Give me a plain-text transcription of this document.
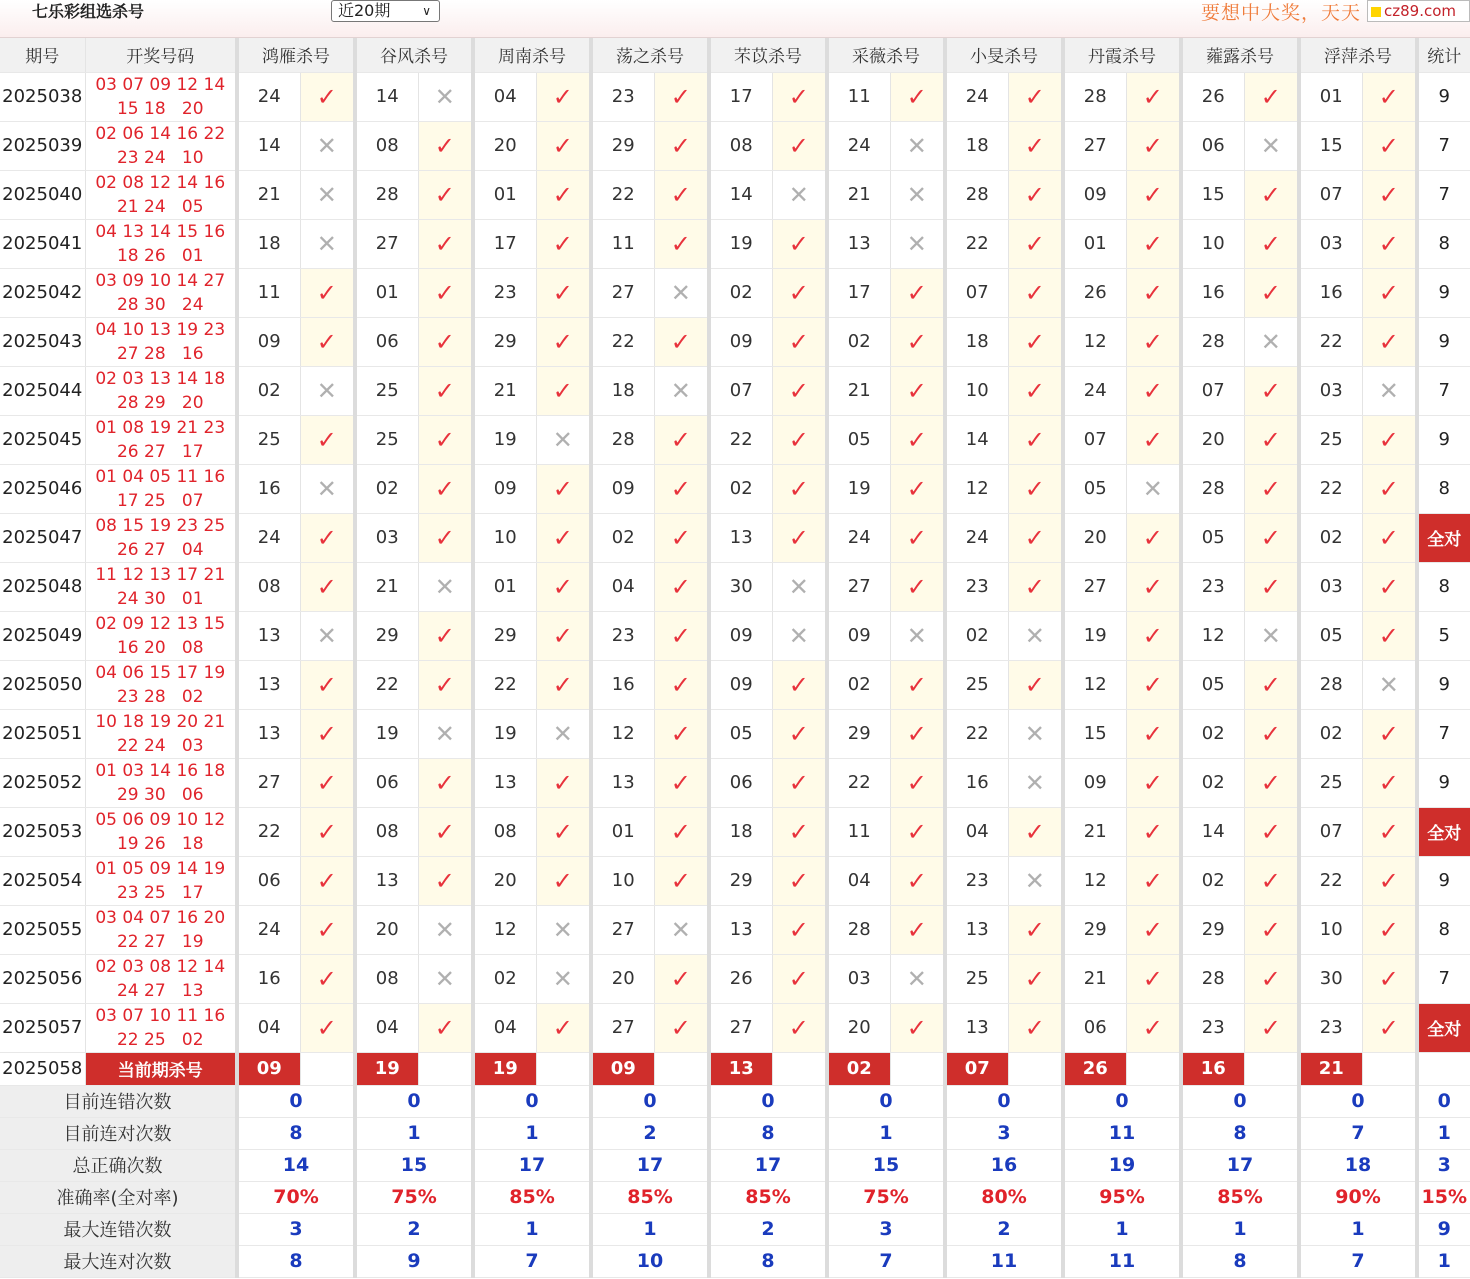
七乐彩组选杀号	近20期	∨	要想中大奖，天天	cz89.com
期号	开奖号码	鸿雁杀号		谷风杀号		周南杀号		荡之杀号		芣苡杀号		采薇杀号		小旻杀号		丹霞杀号		蕹露杀号		浮萍杀号		统计
2025038	03 07 09 12 14
15 18 20	24	✓	14	✕	04	✓	23	✓	17	✓	11	✓	24	✓	28	✓	26	✓	01	✓	9
2025039	02 06 14 16 22
23 24 10	14	✕	08	✓	20	✓	29	✓	08	✓	24	✕	18	✓	27	✓	06	✕	15	✓	7
2025040	02 08 12 14 16
21 24 05	21	✕	28	✓	01	✓	22	✓	14	✕	21	✕	28	✓	09	✓	15	✓	07	✓	7
2025041	04 13 14 15 16
18 26 01	18	✕	27	✓	17	✓	11	✓	19	✓	13	✕	22	✓	01	✓	10	✓	03	✓	8
2025042	03 09 10 14 27
28 30 24	11	✓	01	✓	23	✓	27	✕	02	✓	17	✓	07	✓	26	✓	16	✓	16	✓	9
2025043	04 10 13 19 23
27 28 16	09	✓	06	✓	29	✓	22	✓	09	✓	02	✓	18	✓	12	✓	28	✕	22	✓	9
2025044	02 03 13 14 18
28 29 20	02	✕	25	✓	21	✓	18	✕	07	✓	21	✓	10	✓	24	✓	07	✓	03	✕	7
2025045	01 08 19 21 23
26 27 17	25	✓	25	✓	19	✕	28	✓	22	✓	05	✓	14	✓	07	✓	20	✓	25	✓	9
2025046	01 04 05 11 16
17 25 07	16	✕	02	✓	09	✓	09	✓	02	✓	19	✓	12	✓	05	✕	28	✓	22	✓	8
2025047	08 15 19 23 25
26 27 04	24	✓	03	✓	10	✓	02	✓	13	✓	24	✓	24	✓	20	✓	05	✓	02	✓	全对
2025048	11 12 13 17 21
24 30 01	08	✓	21	✕	01	✓	04	✓	30	✕	27	✓	23	✓	27	✓	23	✓	03	✓	8
2025049	02 09 12 13 15
16 20 08	13	✕	29	✓	29	✓	23	✓	09	✕	09	✕	02	✕	19	✓	12	✕	05	✓	5
2025050	04 06 15 17 19
23 28 02	13	✓	22	✓	22	✓	16	✓	09	✓	02	✓	25	✓	12	✓	05	✓	28	✕	9
2025051	10 18 19 20 21
22 24 03	13	✓	19	✕	19	✕	12	✓	05	✓	29	✓	22	✕	15	✓	02	✓	02	✓	7
2025052	01 03 14 16 18
29 30 06	27	✓	06	✓	13	✓	13	✓	06	✓	22	✓	16	✕	09	✓	02	✓	25	✓	9
2025053	05 06 09 10 12
19 26 18	22	✓	08	✓	08	✓	01	✓	18	✓	11	✓	04	✓	21	✓	14	✓	07	✓	全对
2025054	01 05 09 14 19
23 25 17	06	✓	13	✓	20	✓	10	✓	29	✓	04	✓	23	✕	12	✓	02	✓	22	✓	9
2025055	03 04 07 16 20
22 27 19	24	✓	20	✕	12	✕	27	✕	13	✓	28	✓	13	✓	29	✓	29	✓	10	✓	8
2025056	02 03 08 12 14
24 27 13	16	✓	08	✕	02	✕	20	✓	26	✓	03	✕	25	✓	21	✓	28	✓	30	✓	7
2025057	03 07 10 11 16
22 25 02	04	✓	04	✓	04	✓	27	✓	27	✓	20	✓	13	✓	06	✓	23	✓	23	✓	全对
2025058	当前期杀号	09		19		19		09		13		02		07		26		16		21		
目前连错次数		0		0		0		0		0		0		0		0		0		0		0
目前连对次数		8		1		1		2		8		1		3		11		8		7		1
总正确次数		14		15		17		17		17		15		16		19		17		18		3
准确率(全对率)		70%		75%		85%		85%		85%		75%		80%		95%		85%		90%		15%
最大连错次数		3		2		1		1		2		3		2		1		1		1		9
最大连对次数		8		9		7		10		8		7		11		11		8		7		1
